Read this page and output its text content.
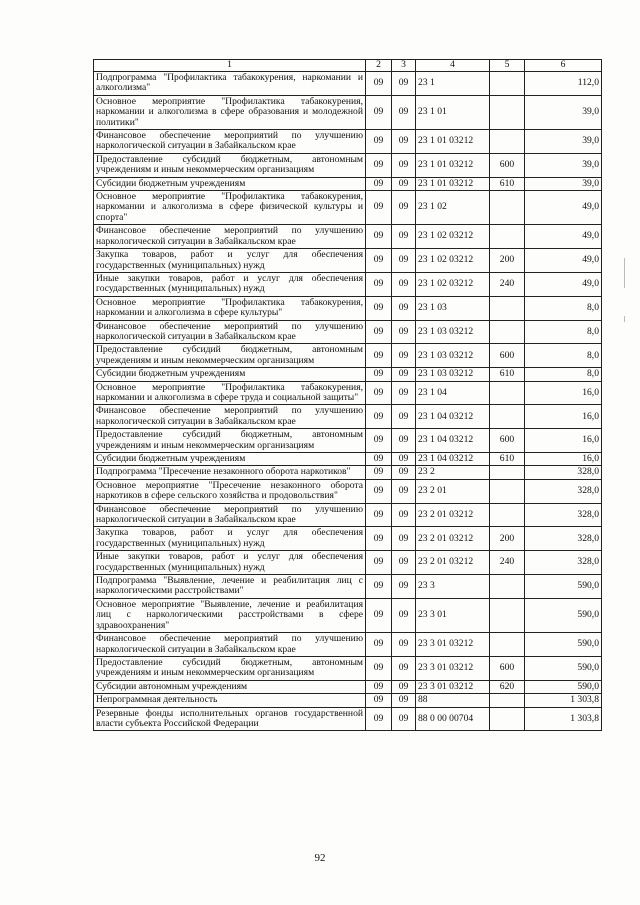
1	2	3	4	5	6
Подпрограмма "Профилактика табакокурения, наркомании и алкоголизма"	09	09	23 1		112,0
Основное мероприятие "Профилактика табакокурения, наркомании и алкоголизма в сфере образования и молодежной политики"	09	09	23 1 01		39,0
Финансовое обеспечение мероприятий по улучшению наркологической ситуации в Забайкальском крае	09	09	23 1 01 03212		39,0
Предоставление субсидий бюджетным, автономным учреждениям и иным некоммерческим организациям	09	09	23 1 01 03212	600	39,0
Субсидии бюджетным учреждениям	09	09	23 1 01 03212	610	39,0
Основное мероприятие "Профилактика табакокурения, наркомании и алкоголизма в сфере физической культуры и спорта"	09	09	23 1 02		49,0
Финансовое обеспечение мероприятий по улучшению наркологической ситуации в Забайкальском крае	09	09	23 1 02 03212		49,0
Закупка товаров, работ и услуг для обеспечения государственных (муниципальных) нужд	09	09	23 1 02 03212	200	49,0
Иные закупки товаров, работ и услуг для обеспечения государственных (муниципальных) нужд	09	09	23 1 02 03212	240	49,0
Основное мероприятие "Профилактика табакокурения, наркомании и алкоголизма в сфере культуры"	09	09	23 1 03		8,0
Финансовое обеспечение мероприятий по улучшению наркологической ситуации в Забайкальском крае	09	09	23 1 03 03212		8,0
Предоставление субсидий бюджетным, автономным учреждениям и иным некоммерческим организациям	09	09	23 1 03 03212	600	8,0
Субсидии бюджетным учреждениям	09	09	23 1 03 03212	610	8,0
Основное мероприятие "Профилактика табакокурения, наркомании и алкоголизма в сфере труда и социальной защиты"	09	09	23 1 04		16,0
Финансовое обеспечение мероприятий по улучшению наркологической ситуации в Забайкальском крае	09	09	23 1 04 03212		16,0
Предоставление субсидий бюджетным, автономным учреждениям и иным некоммерческим организациям	09	09	23 1 04 03212	600	16,0
Субсидии бюджетным учреждениям	09	09	23 1 04 03212	610	16,0
Подпрограмма "Пресечение незаконного оборота наркотиков"	09	09	23 2		328,0
Основное мероприятие "Пресечение незаконного оборота наркотиков в сфере сельского хозяйства и продовольствия"	09	09	23 2 01		328,0
Финансовое обеспечение мероприятий по улучшению наркологической ситуации в Забайкальском крае	09	09	23 2 01 03212		328,0
Закупка товаров, работ и услуг для обеспечения государственных (муниципальных) нужд	09	09	23 2 01 03212	200	328,0
Иные закупки товаров, работ и услуг для обеспечения государственных (муниципальных) нужд	09	09	23 2 01 03212	240	328,0
Подпрограмма "Выявление, лечение и реабилитация лиц с наркологическими расстройствами"	09	09	23 3		590,0
Основное мероприятие "Выявление, лечение и реабилитация лиц с наркологическими расстройствами в сфере здравоохранения"	09	09	23 3 01		590,0
Финансовое обеспечение мероприятий по улучшению наркологической ситуации в Забайкальском крае	09	09	23 3 01 03212		590,0
Предоставление субсидий бюджетным, автономным учреждениям и иным некоммерческим организациям	09	09	23 3 01 03212	600	590,0
Субсидии автономным учреждениям	09	09	23 3 01 03212	620	590,0
Непрограммная деятельность	09	09	88		1 303,8
Резервные фонды исполнительных органов государственной власти субъекта Российской Федерации	09	09	88 0 00 00704		1 303,8
92
